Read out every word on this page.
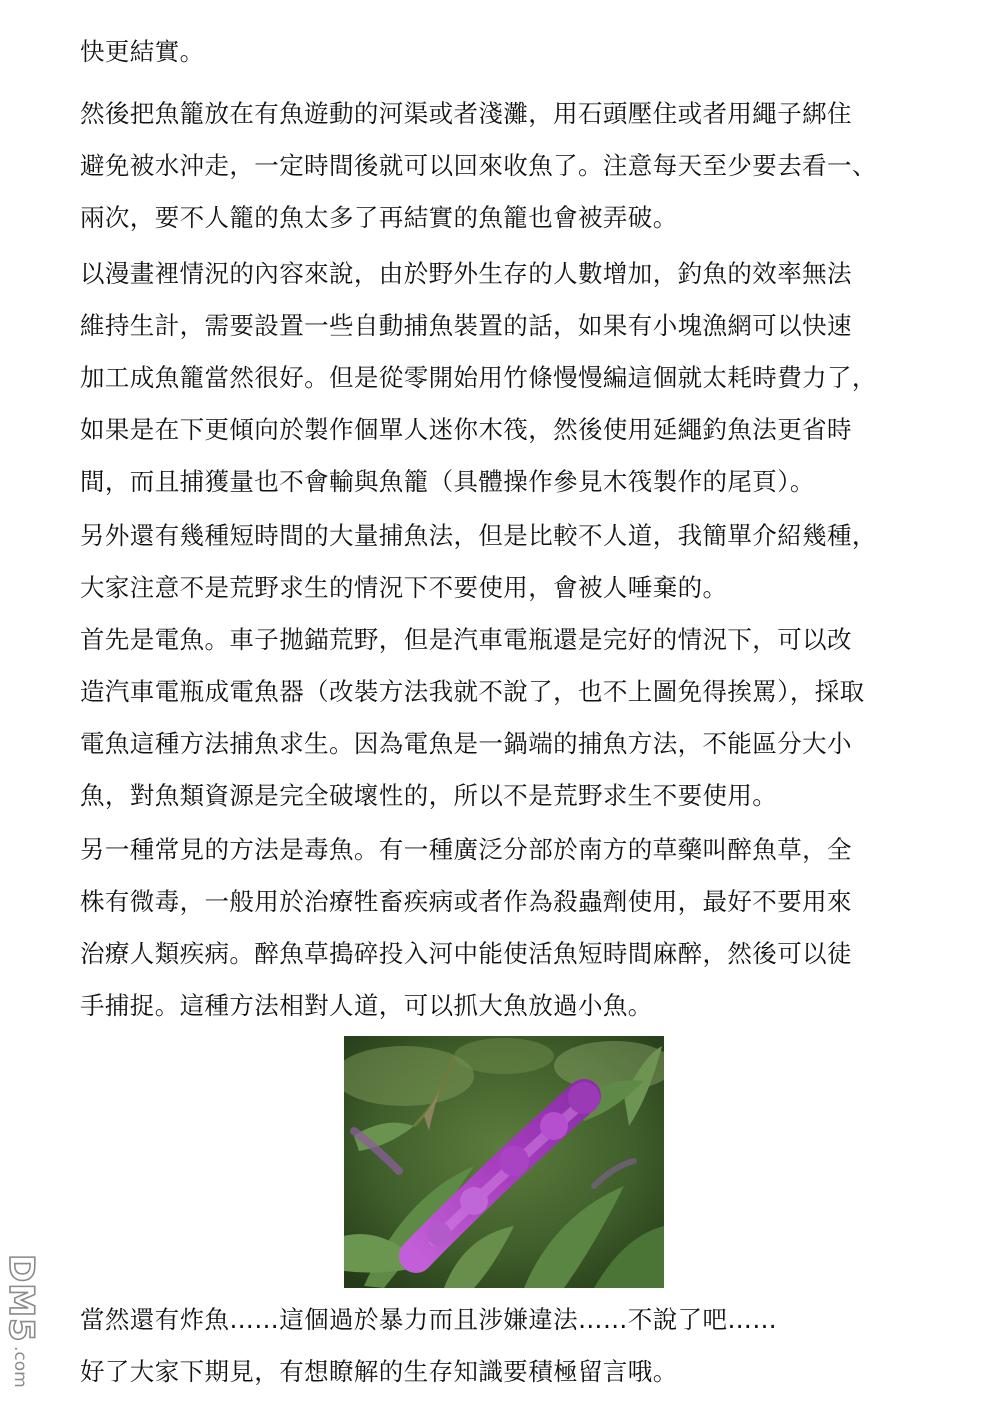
快更結實。
然後把魚籠放在有魚遊動的河渠或者淺灘，用石頭壓住或者用繩子綁住
避免被水沖走，一定時間後就可以回來收魚了。注意每天至少要去看一、
兩次，要不人籠的魚太多了再結實的魚籠也會被弄破。
以漫畫裡情況的內容來說，由於野外生存的人數增加，釣魚的效率無法
維持生計，需要設置一些自動捕魚裝置的話，如果有小塊漁網可以快速
加工成魚籠當然很好。但是從零開始用竹條慢慢編這個就太耗時費力了，
如果是在下更傾向於製作個單人迷你木筏，然後使用延繩釣魚法更省時
間，而且捕獲量也不會輸與魚籠（具體操作參見木筏製作的尾頁）。
另外還有幾種短時間的大量捕魚法，但是比較不人道，我簡單介紹幾種，
大家注意不是荒野求生的情況下不要使用，會被人唾棄的。
首先是電魚。車子拋錨荒野，但是汽車電瓶還是完好的情況下，可以改
造汽車電瓶成電魚器（改裝方法我就不說了，也不上圖免得挨罵），採取
電魚這種方法捕魚求生。因為電魚是一鍋端的捕魚方法，不能區分大小
魚，對魚類資源是完全破壞性的，所以不是荒野求生不要使用。
另一種常見的方法是毒魚。有一種廣泛分部於南方的草藥叫醉魚草，全
株有微毒，一般用於治療牲畜疾病或者作為殺蟲劑使用，最好不要用來
治療人類疾病。醉魚草搗碎投入河中能使活魚短時間麻醉，然後可以徒
手捕捉。這種方法相對人道，可以抓大魚放過小魚。
當然還有炸魚……這個過於暴力而且涉嫌違法……不說了吧……
好了大家下期見，有想瞭解的生存知識要積極留言哦。
DM5
.com
